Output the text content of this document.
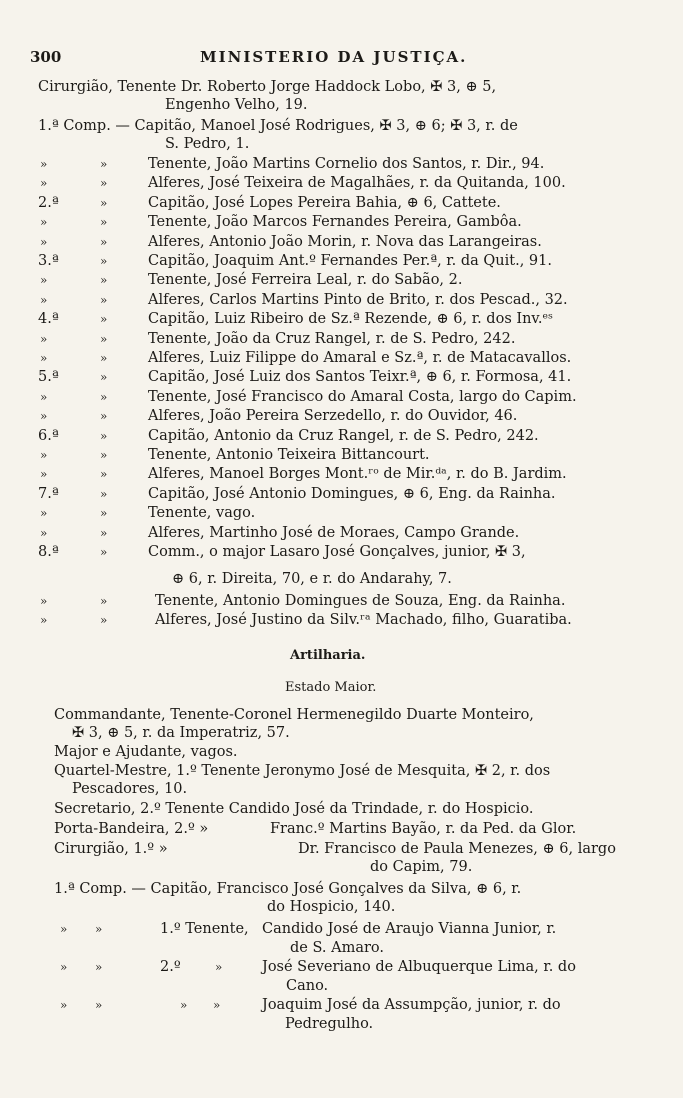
300	MINISTERIO DA JUSTIÇA.
Cirurgião, Tenente Dr. Roberto Jorge Haddock Lobo, ✠ 3, ⊕ 5,
Engenho Velho, 19.
1.ª Comp. — Capitão, Manoel José Rodrigues, ✠ 3, ⊕ 6; ✠ 3, r. de
S. Pedro, 1.
»	»	Tenente, João Martins Cornelio dos Santos, r. Dir., 94.
»	»	Alferes, José Teixeira de Magalhães, r. da Quitanda, 100.
2.ª	»	Capitão, José Lopes Pereira Bahia, ⊕ 6, Cattete.
»	»	Tenente, João Marcos Fernandes Pereira, Gambôa.
»	»	Alferes, Antonio João Morin, r. Nova das Larangeiras.
3.ª	»	Capitão, Joaquim Ant.º Fernandes Per.ª, r. da Quit., 91.
»	»	Tenente, José Ferreira Leal, r. do Sabão, 2.
»	»	Alferes, Carlos Martins Pinto de Brito, r. dos Pescad., 32.
4.ª	»	Capitão, Luiz Ribeiro de Sz.ª Rezende, ⊕ 6, r. dos Inv.ᵉˢ
»	»	Tenente, João da Cruz Rangel, r. de S. Pedro, 242.
»	»	Alferes, Luiz Filippe do Amaral e Sz.ª, r. de Matacavallos.
5.ª	»	Capitão, José Luiz dos Santos Teixr.ª, ⊕ 6, r. Formosa, 41.
»	»	Tenente, José Francisco do Amaral Costa, largo do Capim.
»	»	Alferes, João Pereira Serzedello, r. do Ouvidor, 46.
6.ª	»	Capitão, Antonio da Cruz Rangel, r. de S. Pedro, 242.
»	»	Tenente, Antonio Teixeira Bittancourt.
»	»	Alferes, Manoel Borges Mont.ʳᵒ de Mir.ᵈᵃ, r. do B. Jardim.
7.ª	»	Capitão, José Antonio Domingues, ⊕ 6, Eng. da Rainha.
»	»	Tenente, vago.
»	»	Alferes, Martinho José de Moraes, Campo Grande.
8.ª	»	Comm., o major Lasaro José Gonçalves, junior, ✠ 3,
⊕ 6, r. Direita, 70, e r. do Andarahy, 7.
»	»	Tenente, Antonio Domingues de Souza, Eng. da Rainha.
»	»	Alferes, José Justino da Silv.ʳᵃ Machado, filho, Guaratiba.
Artilharia.
Estado Maior.
Commandante, Tenente-Coronel Hermenegildo Duarte Monteiro,
✠ 3, ⊕ 5, r. da Imperatriz, 57.
Major e Ajudante, vagos.
Quartel-Mestre, 1.º Tenente Jeronymo José de Mesquita, ✠ 2, r. dos
Pescadores, 10.
Secretario, 2.º Tenente Candido José da Trindade, r. do Hospicio.
Porta-Bandeira, 2.º »	Franc.º Martins Bayão, r. da Ped. da Glor.
Cirurgião, 1.º »	Dr. Francisco de Paula Menezes, ⊕ 6, largo
do Capim, 79.
1.ª Comp. — Capitão, Francisco José Gonçalves da Silva, ⊕ 6, r.
do Hospicio, 140.
» »	1.º Tenente, Candido José de Araujo Vianna Junior, r.
de S. Amaro.
» »	2.º	»	José Severiano de Albuquerque Lima, r. do
Cano.
» »	» »	Joaquim José da Assumpção, junior, r. do
Pedregulho.
